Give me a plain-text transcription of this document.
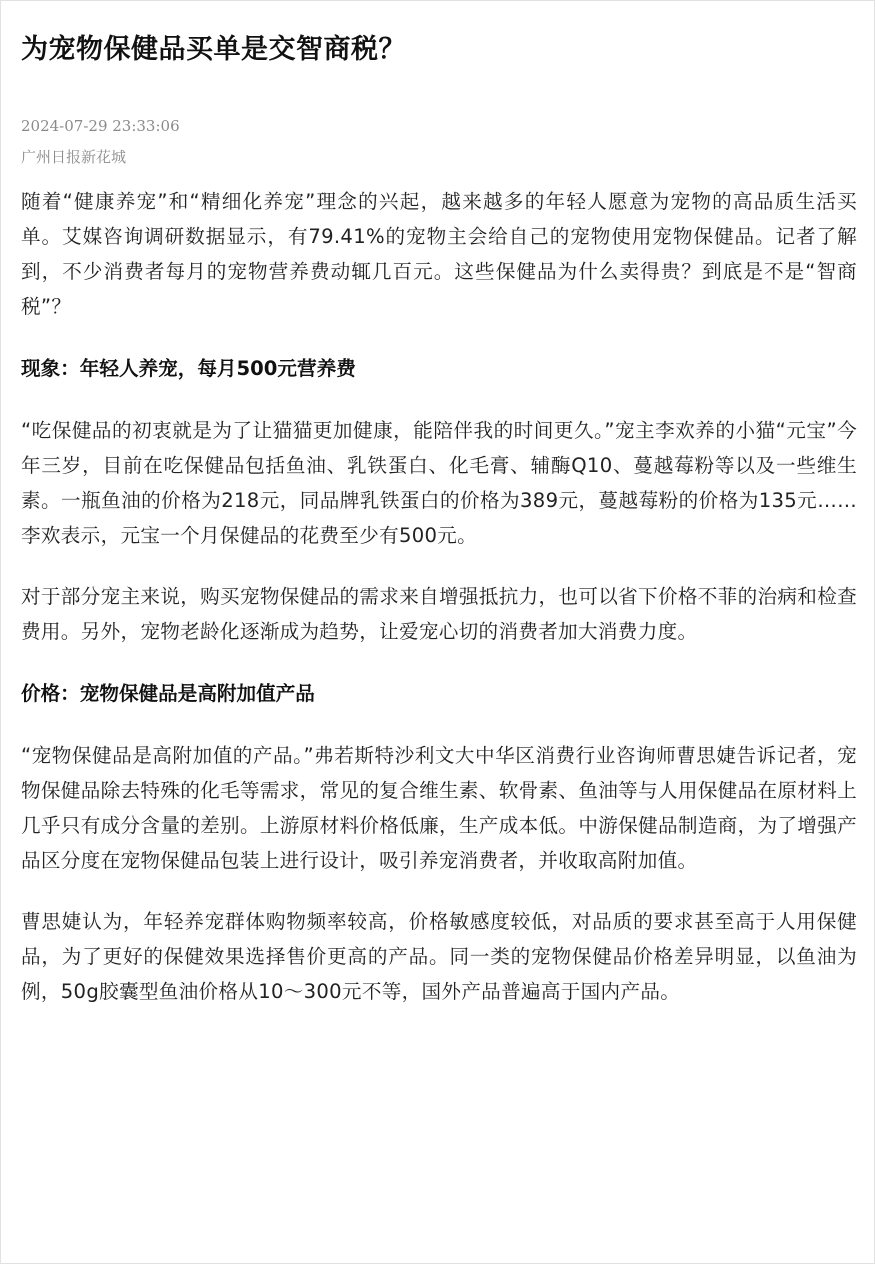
为宠物保健品买单是交智商税？
2024-07-29 23:33:06
广州日报新花城

随着“健康养宠”和“精细化养宠”理念的兴起，越来越多的年轻人愿意为宠物的高品质生活买单。艾媒咨询调研数据显示，有79.41%的宠物主会给自己的宠物使用宠物保健品。记者了解到，不少消费者每月的宠物营养费动辄几百元。这些保健品为什么卖得贵？到底是不是“智商税”？

现象：年轻人养宠，每月500元营养费

“吃保健品的初衷就是为了让猫猫更加健康，能陪伴我的时间更久。”宠主李欢养的小猫“元宝”今年三岁，目前在吃保健品包括鱼油、乳铁蛋白、化毛膏、辅酶Q10、蔓越莓粉等以及一些维生素。一瓶鱼油的价格为218元，同品牌乳铁蛋白的价格为389元，蔓越莓粉的价格为135元……李欢表示，元宝一个月保健品的花费至少有500元。

对于部分宠主来说，购买宠物保健品的需求来自增强抵抗力，也可以省下价格不菲的治病和检查费用。另外，宠物老龄化逐渐成为趋势，让爱宠心切的消费者加大消费力度。

价格：宠物保健品是高附加值产品

“宠物保健品是高附加值的产品。”弗若斯特沙利文大中华区消费行业咨询师曹思婕告诉记者，宠物保健品除去特殊的化毛等需求，常见的复合维生素、软骨素、鱼油等与人用保健品在原材料上几乎只有成分含量的差别。上游原材料价格低廉，生产成本低。中游保健品制造商，为了增强产品区分度在宠物保健品包装上进行设计，吸引养宠消费者，并收取高附加值。

曹思婕认为，年轻养宠群体购物频率较高，价格敏感度较低，对品质的要求甚至高于人用保健品，为了更好的保健效果选择售价更高的产品。同一类的宠物保健品价格差异明显，以鱼油为例，50g胶囊型鱼油价格从10～300元不等，国外产品普遍高于国内产品。
